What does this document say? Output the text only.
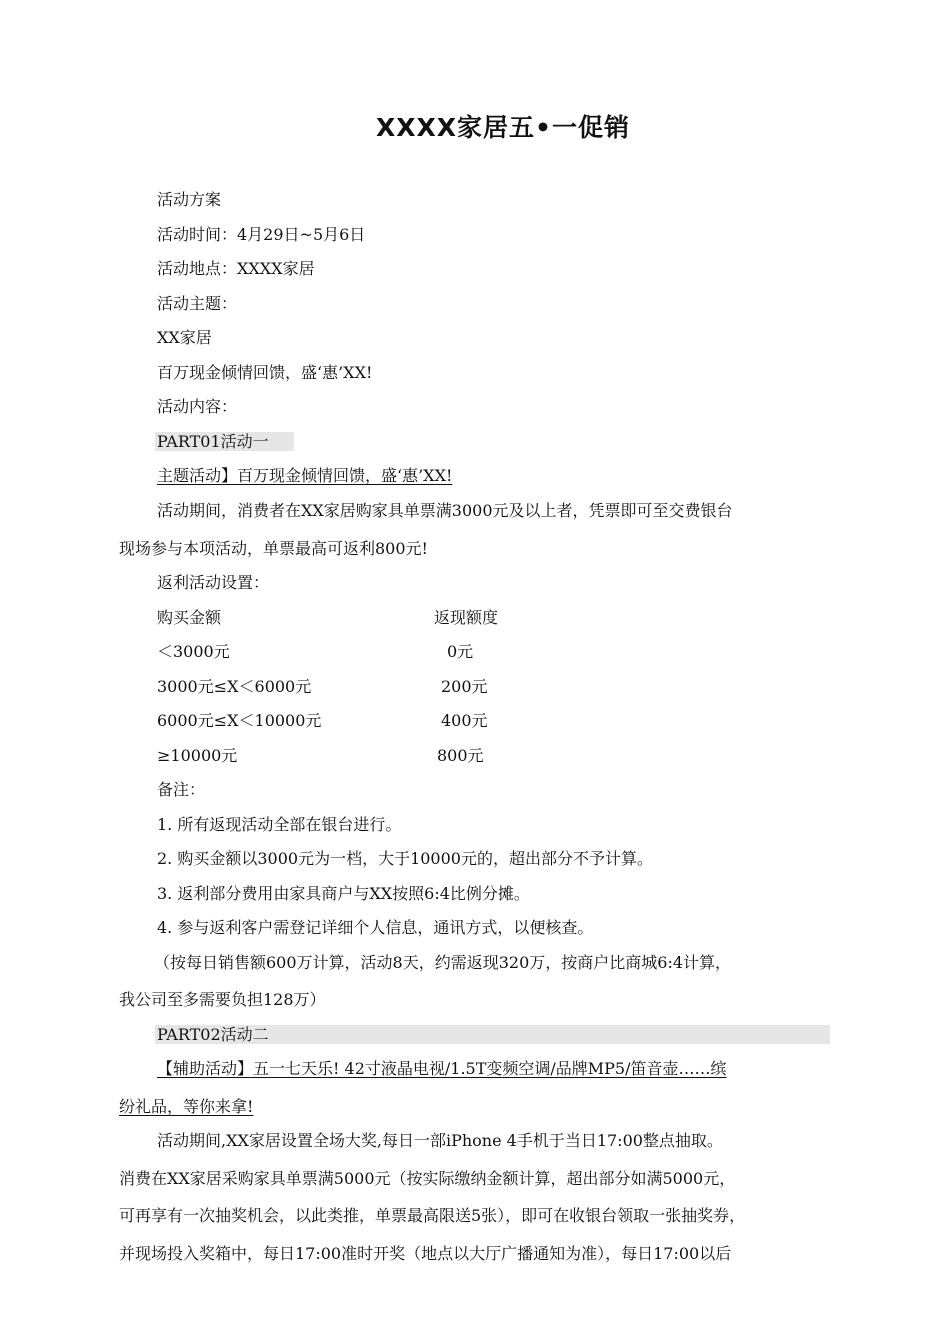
XXXX家居五•一促销
活动方案
活动时间：4月29日~5月6日
活动地点：XXXX家居
活动主题：
XX家居
百万现金倾情回馈，盛‘惠’XX!
活动内容：
PART01活动一
主题活动】百万现金倾情回馈，盛‘惠’XX!
活动期间，消费者在XX家居购家具单票满3000元及以上者，凭票即可至交费银台
现场参与本项活动，单票最高可返利800元!
返利活动设置：
购买金额	返现额度
＜3000元	0元
3000元≤X＜6000元	200元
6000元≤X＜10000元	400元
≥10000元	800元
备注：
1. 所有返现活动全部在银台进行。
2. 购买金额以3000元为一档，大于10000元的，超出部分不予计算。
3. 返利部分费用由家具商户与XX按照6:4比例分摊。
4. 参与返利客户需登记详细个人信息，通讯方式，以便核查。
（按每日销售额600万计算，活动8天，约需返现320万，按商户比商城6:4计算，
我公司至多需要负担128万）
PART02活动二
【辅助活动】五一七天乐! 42寸液晶电视/1.5T变频空调/品牌MP5/笛音壶……缤
纷礼品，等你来拿!
活动期间,XX家居设置全场大奖,每日一部iPhone 4手机于当日17:00整点抽取。
消费在XX家居采购家具单票满5000元（按实际缴纳金额计算，超出部分如满5000元，
可再享有一次抽奖机会，以此类推，单票最高限送5张），即可在收银台领取一张抽奖券，
并现场投入奖箱中，每日17:00准时开奖（地点以大厅广播通知为准），每日17:00以后
